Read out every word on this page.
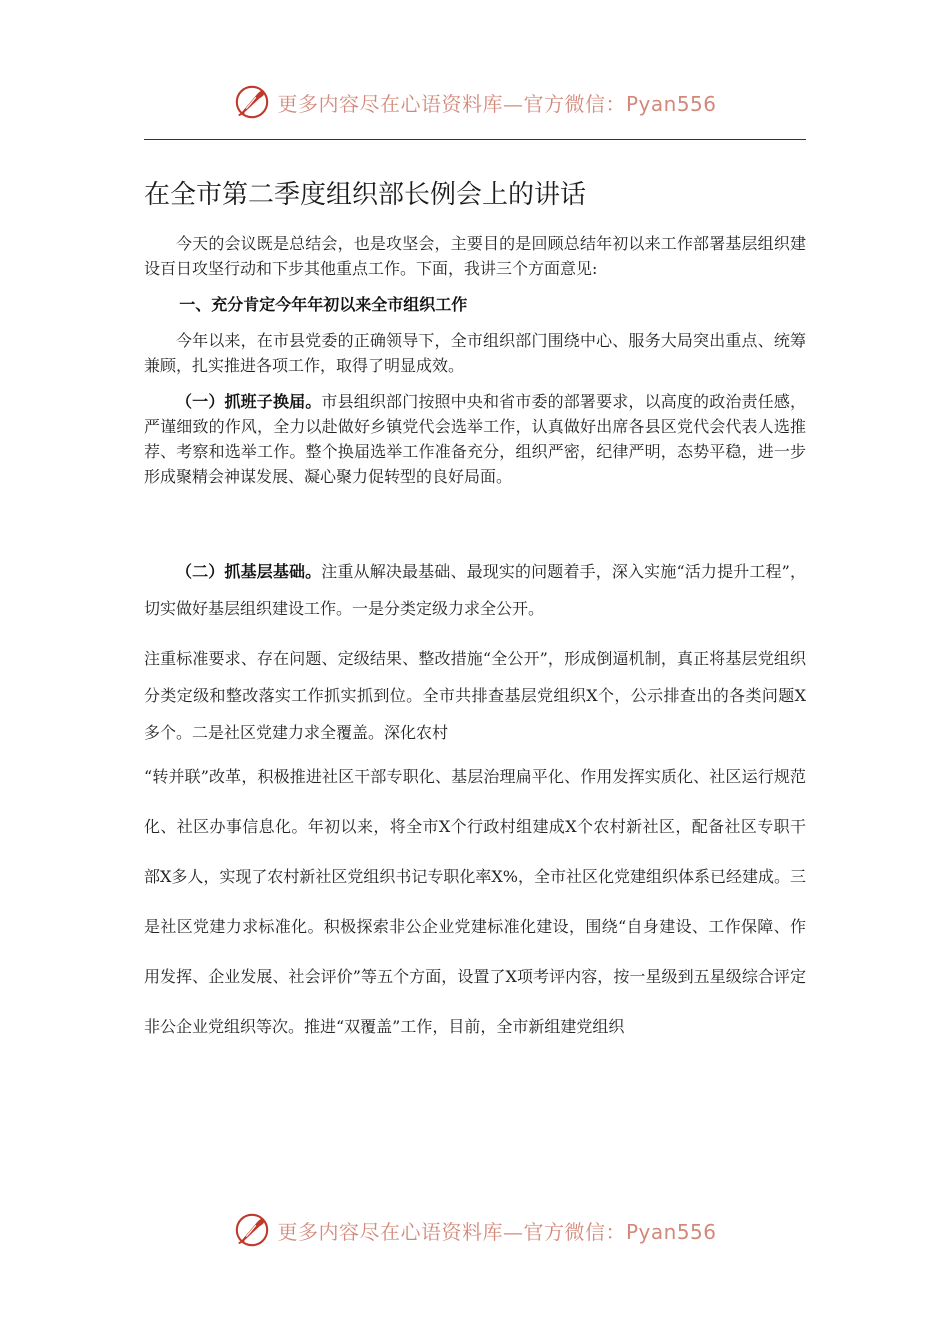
更多内容尽在心语资料库—官方微信：Pyan556
在全市第二季度组织部长例会上的讲话

今天的会议既是总结会，也是攻坚会，主要目的是回顾总结年初以来工作部署基层组织建设百日攻坚行动和下步其他重点工作。下面，我讲三个方面意见:

一、充分肯定今年年初以来全市组织工作

今年以来，在市县党委的正确领导下，全市组织部门围绕中心、服务大局突出重点、统筹兼顾，扎实推进各项工作，取得了明显成效。

（一）抓班子换届。市县组织部门按照中央和省市委的部署要求，以高度的政治责任感，严谨细致的作风，全力以赴做好乡镇党代会选举工作，认真做好出席各县区党代会代表人选推荐、考察和选举工作。整个换届选举工作准备充分，组织严密，纪律严明，态势平稳，进一步形成聚精会神谋发展、凝心聚力促转型的良好局面。

（二）抓基层基础。注重从解决最基础、最现实的问题着手，深入实施“活力提升工程”，切实做好基层组织建设工作。一是分类定级力求全公开。

注重标准要求、存在问题、定级结果、整改措施“全公开”，形成倒逼机制，真正将基层党组织分类定级和整改落实工作抓实抓到位。全市共排查基层党组织X个，公示排查出的各类问题X多个。二是社区党建力求全覆盖。深化农村

“转并联”改革，积极推进社区干部专职化、基层治理扁平化、作用发挥实质化、社区运行规范化、社区办事信息化。年初以来，将全市X个行政村组建成X个农村新社区，配备社区专职干部X多人，实现了农村新社区党组织书记专职化率X%，全市社区化党建组织体系已经建成。三是社区党建力求标准化。积极探索非公企业党建标准化建设，围绕“自身建设、工作保障、作用发挥、企业发展、社会评价”等五个方面，设置了X项考评内容，按一星级到五星级综合评定非公企业党组织等次。推进“双覆盖”工作，目前，全市新组建党组织

更多内容尽在心语资料库—官方微信：Pyan556
